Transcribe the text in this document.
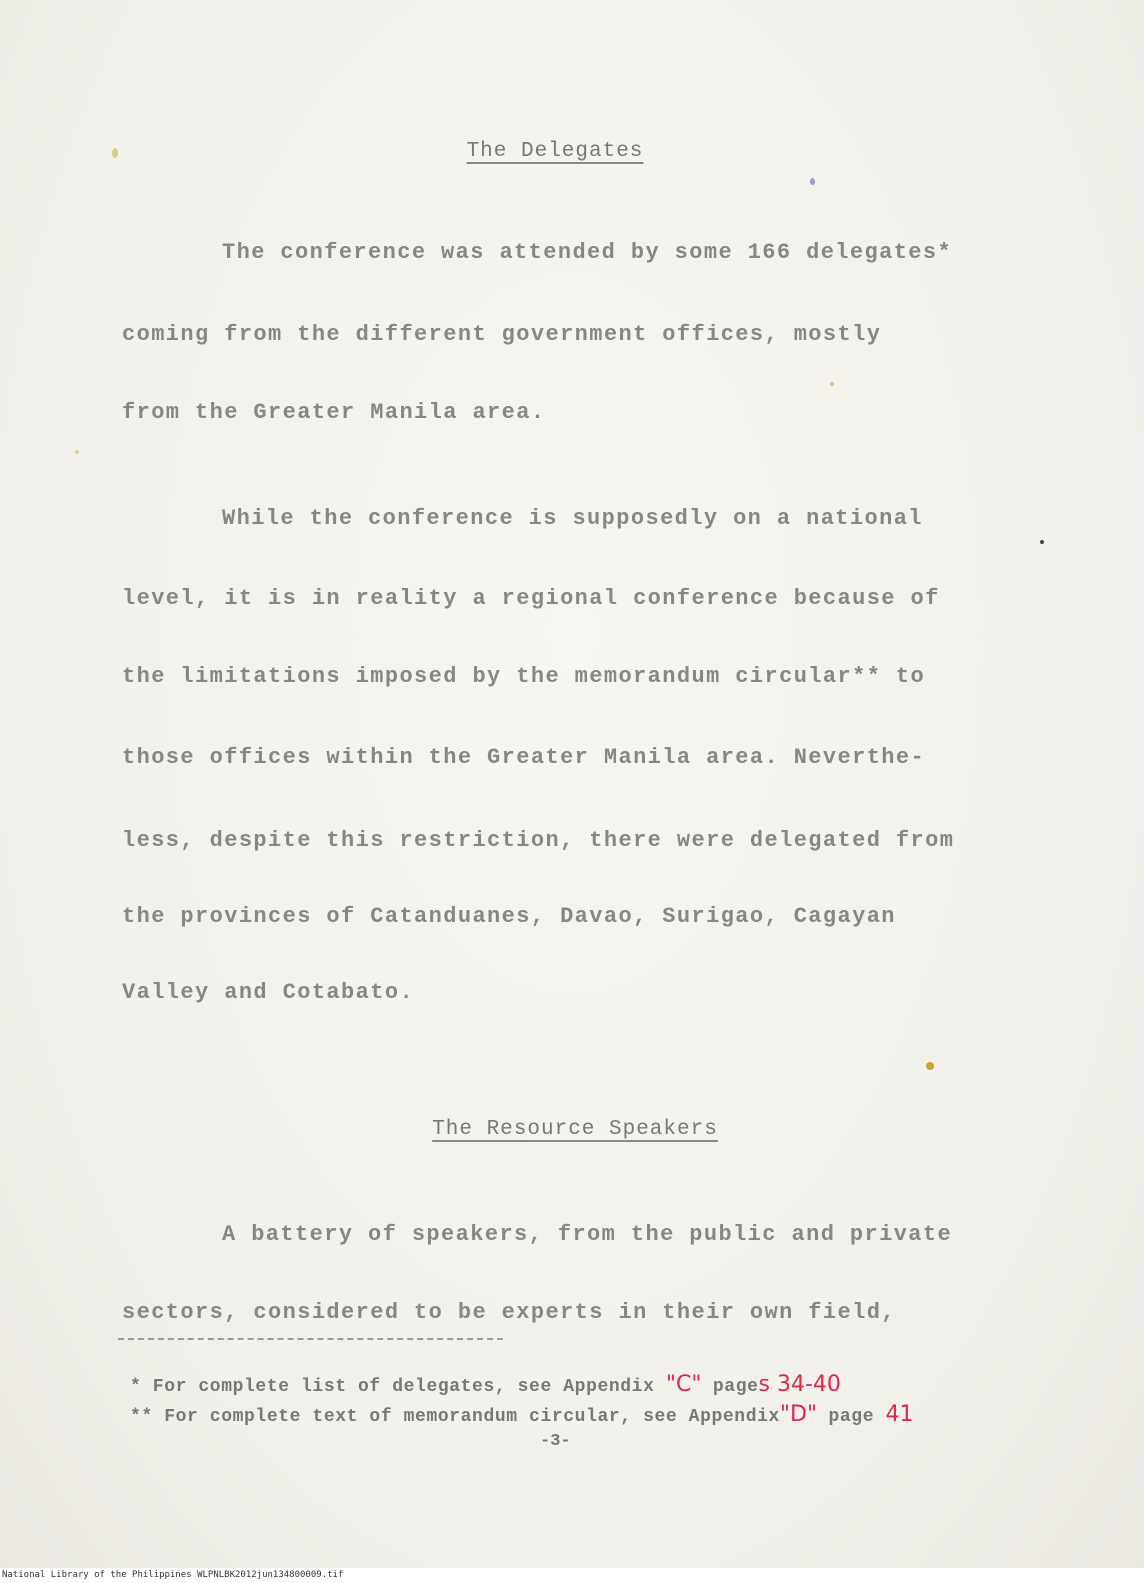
The Delegates
The conference was attended by some 166 delegates*
coming from the different government offices, mostly
from the Greater Manila area.
While the conference is supposedly on a national
level, it is in reality a regional conference because of
the limitations imposed by the memorandum circular** to
those offices within the Greater Manila area. Neverthe-
less, despite this restriction, there were delegated from
the provinces of Catanduanes, Davao, Surigao, Cagayan
Valley and Cotabato.
The Resource Speakers
A battery of speakers, from the public and private
sectors, considered to be experts in their own field,
* For complete list of delegates, see Appendix "C" pages 34-40
** For complete text of memorandum circular, see Appendix"D" page 41
-3-
National Library of the Philippines WLPNLBK2012jun134800009.tif
